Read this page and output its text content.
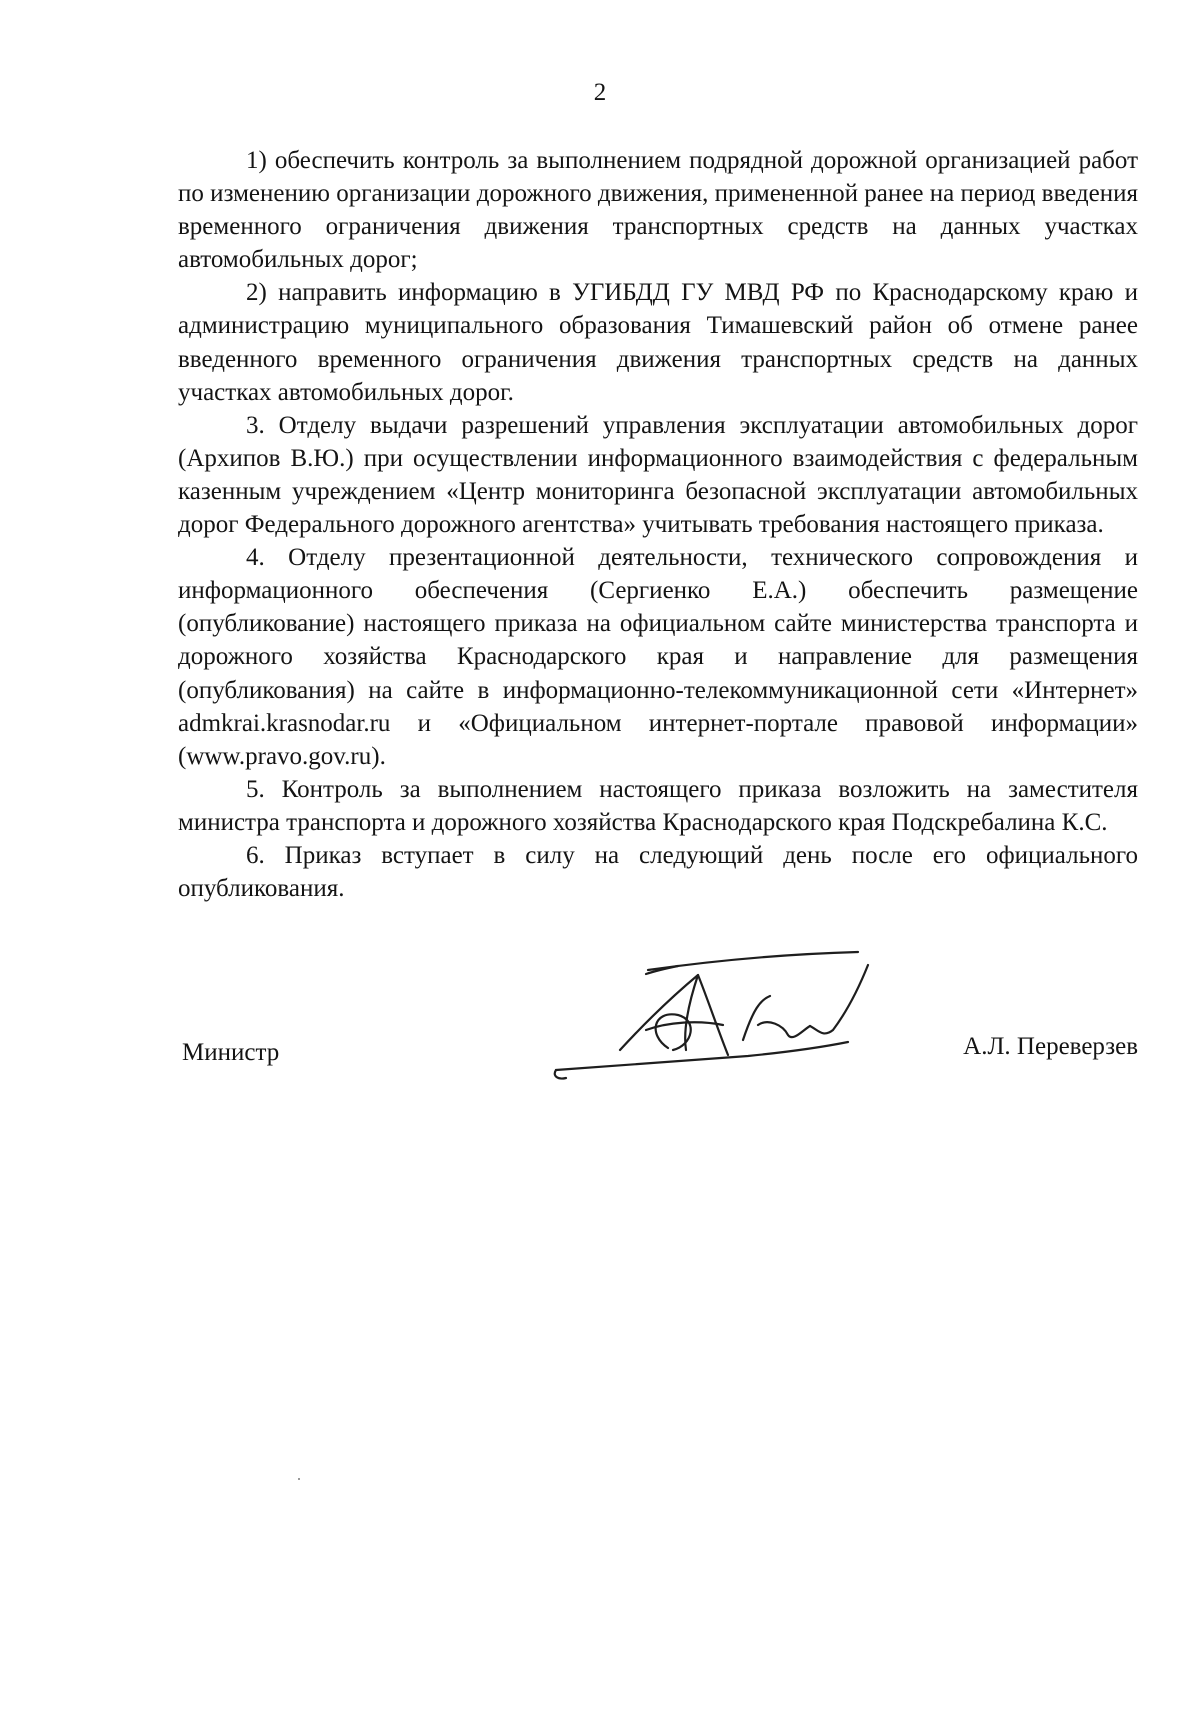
2

1) обеспечить контроль за выполнением подрядной дорожной организацией работ по изменению организации дорожного движения, примененной ранее на период введения временного ограничения движения транспортных средств на данных участках автомобильных дорог;

2) направить информацию в УГИБДД ГУ МВД РФ по Краснодарскому краю и администрацию муниципального образования Тимашевский район об отмене ранее введенного временного ограничения движения транспортных средств на данных участках автомобильных дорог.

3. Отделу выдачи разрешений управления эксплуатации автомобильных дорог (Архипов В.Ю.) при осуществлении информационного взаимодействия с федеральным казенным учреждением «Центр мониторинга безопасной эксплуатации автомобильных дорог Федерального дорожного агентства» учитывать требования настоящего приказа.

4. Отделу презентационной деятельности, технического сопровождения и информационного обеспечения (Сергиенко Е.А.) обеспечить размещение (опубликование) настоящего приказа на официальном сайте министерства транспорта и дорожного хозяйства Краснодарского края и направление для размещения (опубликования) на сайте в информационно-телекоммуникационной сети «Интернет» admkrai.krasnodar.ru и «Официальном интернет-портале правовой информации» (www.pravo.gov.ru).

5. Контроль за выполнением настоящего приказа возложить на заместителя министра транспорта и дорожного хозяйства Краснодарского края Подскребалина К.С.

6. Приказ вступает в силу на следующий день после его официального опубликования.

Министр	А.Л. Переверзев
